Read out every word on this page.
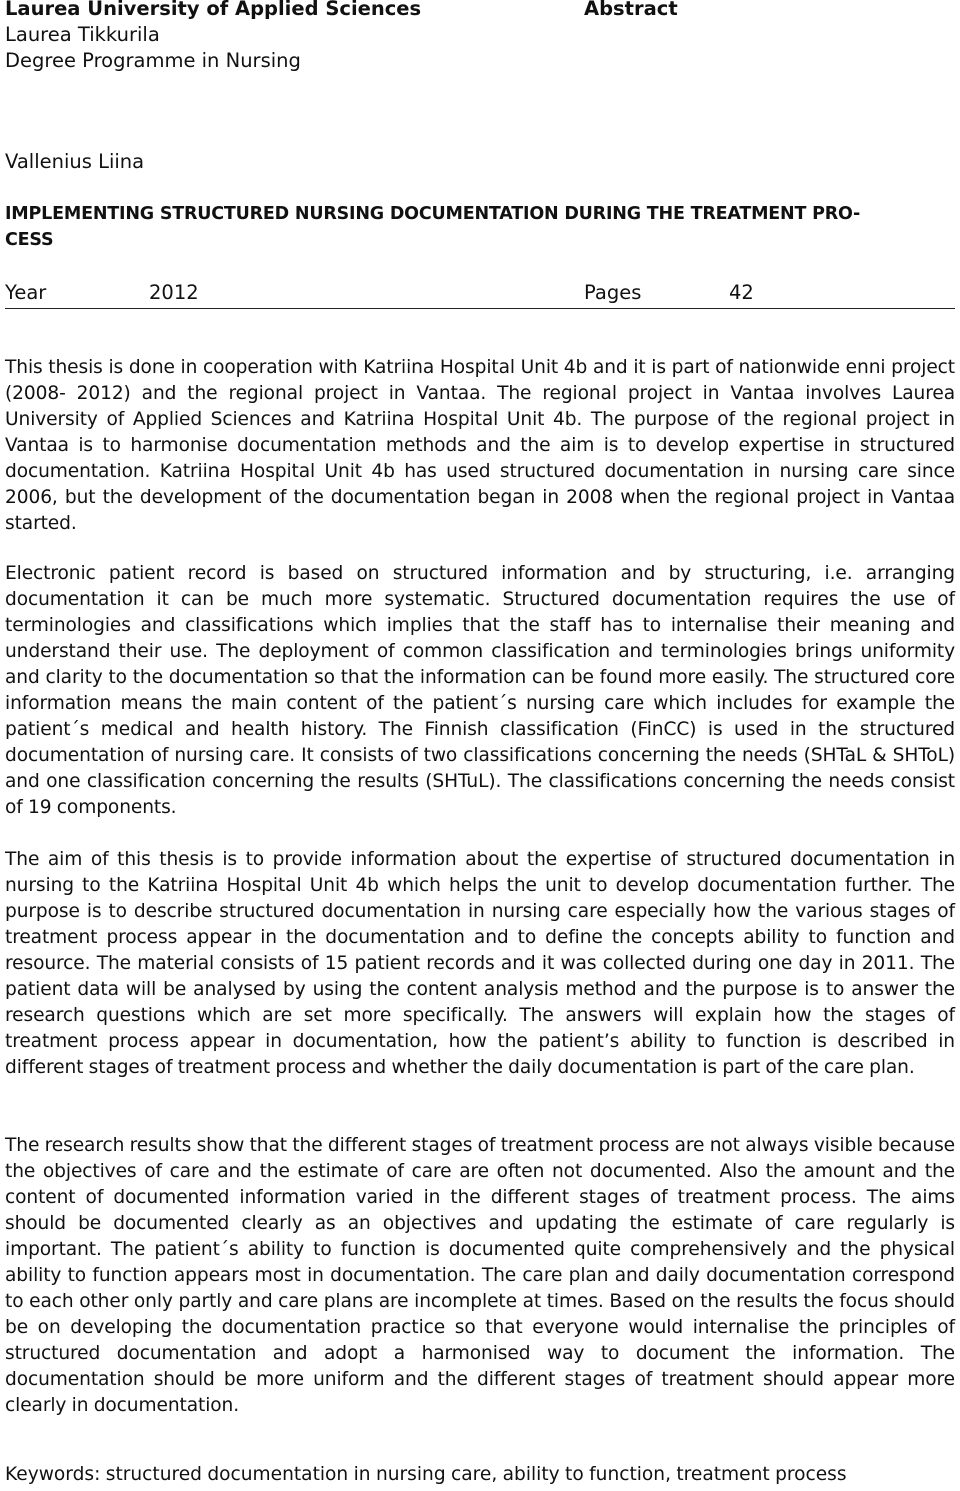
Laurea University of Applied Sciences
Laurea Tikkurila
Degree Programme in Nursing
Abstract
Vallenius Liina
IMPLEMENTING STRUCTURED NURSING DOCUMENTATION DURING THE TREATMENT PRO-CESS
Year	2012	Pages	42

This thesis is done in cooperation with Katriina Hospital Unit 4b and it is part of nationwide enni project (2008- 2012) and the regional project in Vantaa. The regional project in Vantaa involves Laurea University of Applied Sciences and Katriina Hospital Unit 4b. The purpose of the regional project in Vantaa is to harmonise documentation methods and the aim is to develop expertise in structured documentation. Katriina Hospital Unit 4b has used structured documentation in nursing care since 2006, but the development of the documentation began in 2008 when the regional project in Vantaa started.

Electronic patient record is based on structured information and by structuring, i.e. arranging documentation it can be much more systematic. Structured documentation requires the use of terminologies and classifications which implies that the staff has to internalise their meaning and understand their use. The deployment of common classification and terminologies brings uniformity and clarity to the documentation so that the information can be found more easily. The structured core information means the main content of the patient´s nursing care which includes for example the patient´s medical and health history. The Finnish classification (FinCC) is used in the structured documentation of nursing care. It consists of two classifications concerning the needs (SHTaL & SHToL) and one classification concerning the results (SHTuL). The classifications concerning the needs consist of 19 components.

The aim of this thesis is to provide information about the expertise of structured documentation in nursing to the Katriina Hospital Unit 4b which helps the unit to develop documentation further. The purpose is to describe structured documentation in nursing care especially how the various stages of treatment process appear in the documentation and to define the concepts ability to function and resource. The material consists of 15 patient records and it was collected during one day in 2011. The patient data will be analysed by using the content analysis method and the purpose is to answer the research questions which are set more specifically. The answers will explain how the stages of treatment process appear in documentation, how the patient’s ability to function is described in different stages of treatment process and whether the daily documentation is part of the care plan.

The research results show that the different stages of treatment process are not always visible because the objectives of care and the estimate of care are often not documented. Also the amount and the content of documented information varied in the different stages of treatment process. The aims should be documented clearly as an objectives and updating the estimate of care regularly is important. The patient´s ability to function is documented quite comprehensively and the physical ability to function appears most in documentation. The care plan and daily documentation correspond to each other only partly and care plans are incomplete at times. Based on the results the focus should be on developing the documentation practice so that everyone would internalise the principles of structured documentation and adopt a harmonised way to document the information. The documentation should be more uniform and the different stages of treatment should appear more clearly in documentation.

Keywords: structured documentation in nursing care, ability to function, treatment process
